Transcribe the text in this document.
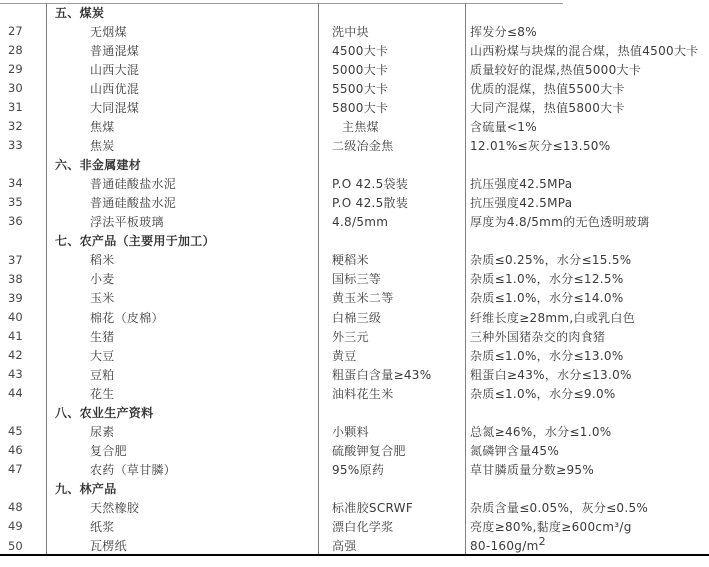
五、煤炭
27	无烟煤	洗中块	挥发分≤8%
28	普通混煤	4500大卡	山西粉煤与块煤的混合煤，热值4500大卡
29	山西大混	5000大卡	质量较好的混煤,热值5000大卡
30	山西优混	5500大卡	优质的混煤，热值5500大卡
31	大同混煤	5800大卡	大同产混煤，热值5800大卡
32	焦煤	主焦煤	含硫量<1%
33	焦炭	二级冶金焦	12.01%≤灰分≤13.50%
六、非金属建材
34	普通硅酸盐水泥	P.O 42.5袋装	抗压强度42.5MPa
35	普通硅酸盐水泥	P.O 42.5散装	抗压强度42.5MPa
36	浮法平板玻璃	4.8/5mm	厚度为4.8/5mm的无色透明玻璃
七、农产品（主要用于加工）
37	稻米	粳稻米	杂质≤0.25%，水分≤15.5%
38	小麦	国标三等	杂质≤1.0%，水分≤12.5%
39	玉米	黄玉米二等	杂质≤1.0%，水分≤14.0%
40	棉花（皮棉）	白棉三级	纤维长度≥28mm,白或乳白色
41	生猪	外三元	三种外国猪杂交的肉食猪
42	大豆	黄豆	杂质≤1.0%，水分≤13.0%
43	豆粕	粗蛋白含量≥43%	粗蛋白≥43%，水分≤13.0%
44	花生	油料花生米	杂质≤1.0%，水分≤9.0%
八、农业生产资料
45	尿素	小颗料	总氮≥46%，水分≤1.0%
46	复合肥	硫酸钾复合肥	氮磷钾含量45%
47	农药（草甘膦）	95%原药	草甘膦质量分数≥95%
九、林产品
48	天然橡胶	标准胶SCRWF	杂质含量≤0.05%，灰分≤0.5%
49	纸浆	漂白化学浆	亮度≥80%,黏度≥600cm³/g
50	瓦楞纸	高强	$80-160g/m^2$
